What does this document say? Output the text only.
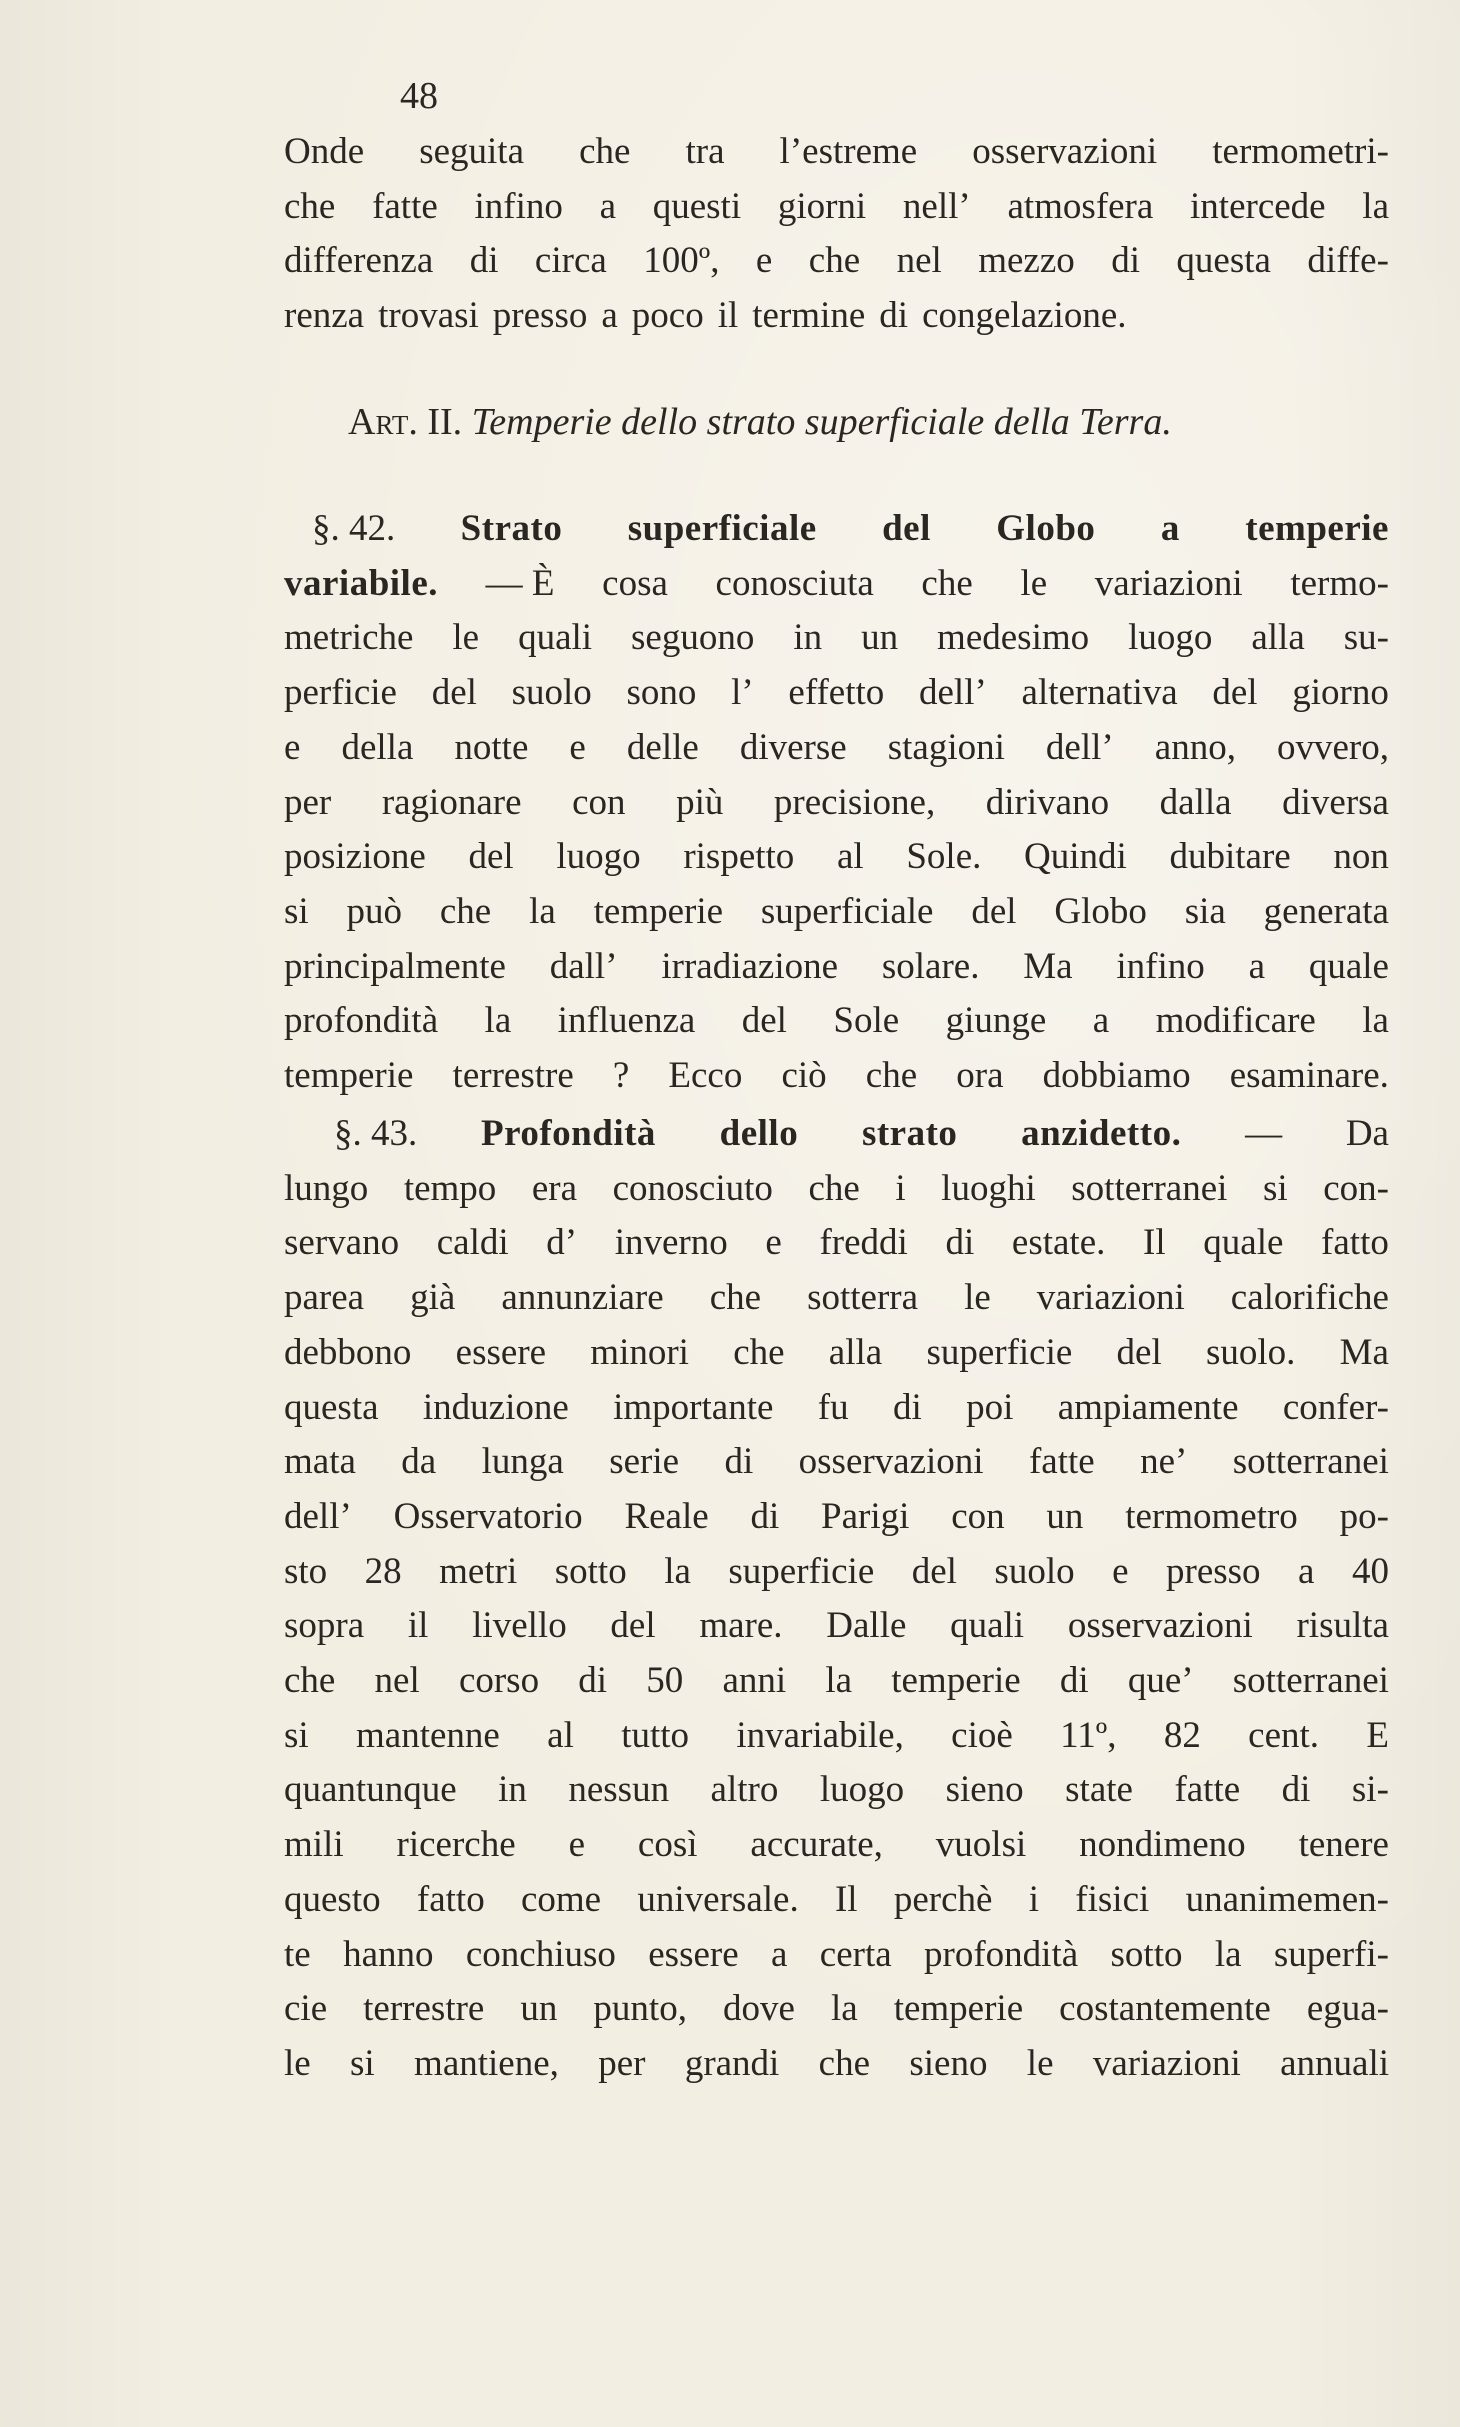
48
Onde seguita che tra l’estreme osservazioni termometri-
che fatte infino a questi giorni nell’ atmosfera intercede la
differenza di circa 100º, e che nel mezzo di questa diffe-
renza trovasi presso a poco il termine di congelazione.
Art. II. Temperie dello strato superficiale della Terra.
§. 42. Strato superficiale del Globo a temperie
variabile. — È cosa conosciuta che le variazioni termo-
metriche le quali seguono in un medesimo luogo alla su-
perficie del suolo sono l’ effetto dell’ alternativa del giorno
e della notte e delle diverse stagioni dell’ anno, ovvero,
per ragionare con più precisione, dirivano dalla diversa
posizione del luogo rispetto al Sole. Quindi dubitare non
si può che la temperie superficiale del Globo sia generata
principalmente dall’ irradiazione solare. Ma infino a quale
profondità la influenza del Sole giunge a modificare la
temperie terrestre ? Ecco ciò che ora dobbiamo esaminare.
§. 43. Profondità dello strato anzidetto. — Da
lungo tempo era conosciuto che i luoghi sotterranei si con-
servano caldi d’ inverno e freddi di estate. Il quale fatto
parea già annunziare che sotterra le variazioni calorifiche
debbono essere minori che alla superficie del suolo. Ma
questa induzione importante fu di poi ampiamente confer-
mata da lunga serie di osservazioni fatte ne’ sotterranei
dell’ Osservatorio Reale di Parigi con un termometro po-
sto 28 metri sotto la superficie del suolo e presso a 40
sopra il livello del mare. Dalle quali osservazioni risulta
che nel corso di 50 anni la temperie di que’ sotterranei
si mantenne al tutto invariabile, cioè 11º, 82 cent. E
quantunque in nessun altro luogo sieno state fatte di si-
mili ricerche e così accurate, vuolsi nondimeno tenere
questo fatto come universale. Il perchè i fisici unanimemen-
te hanno conchiuso essere a certa profondità sotto la superfi-
cie terrestre un punto, dove la temperie costantemente egua-
le si mantiene, per grandi che sieno le variazioni annuali
